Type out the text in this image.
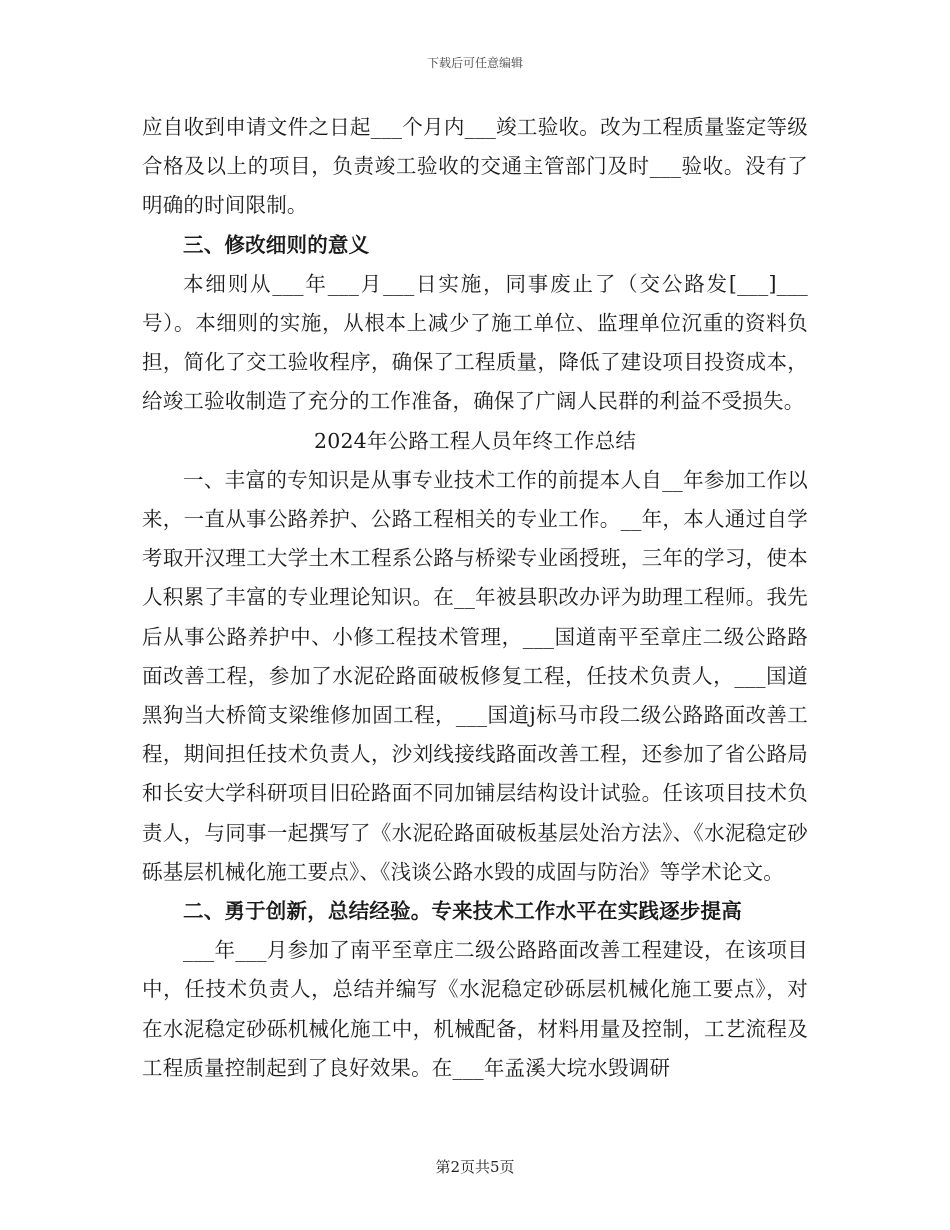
下载后可任意编辑

应自收到申请文件之日起___个月内___竣工验收。改为工程质量鉴定等级合格及以上的项目，负责竣工验收的交通主管部门及时___验收。没有了明确的时间限制。

三、修改细则的意义

本细则从___年___月___日实施，同事废止了（交公路发[___]___号）。本细则的实施，从根本上减少了施工单位、监理单位沉重的资料负担，简化了交工验收程序，确保了工程质量，降低了建设项目投资成本，给竣工验收制造了充分的工作准备，确保了广阔人民群的利益不受损失。

2024年公路工程人员年终工作总结

一、丰富的专知识是从事专业技术工作的前提本人自__年参加工作以来，一直从事公路养护、公路工程相关的专业工作。__年，本人通过自学考取开汉理工大学土木工程系公路与桥梁专业函授班，三年的学习，使本人积累了丰富的专业理论知识。在__年被县职改办评为助理工程师。我先后从事公路养护中、小修工程技术管理，___国道南平至章庄二级公路路面改善工程，参加了水泥砼路面破板修复工程，任技术负责人，___国道黑狗当大桥简支梁维修加固工程，___国道j标马市段二级公路路面改善工程，期间担任技术负责人，沙刘线接线路面改善工程，还参加了省公路局和长安大学科研项目旧砼路面不同加铺层结构设计试验。任该项目技术负责人，与同事一起撰写了《水泥砼路面破板基层处治方法》、《水泥稳定砂砾基层机械化施工要点》、《浅谈公路水毁的成固与防治》等学术论文。

二、勇于创新，总结经验。专来技术工作水平在实践逐步提高

___年___月参加了南平至章庄二级公路路面改善工程建设，在该项目中，任技术负责人，总结并编写《水泥稳定砂砾层机械化施工要点》，对在水泥稳定砂砾机械化施工中，机械配备，材料用量及控制，工艺流程及工程质量控制起到了良好效果。在___年孟溪大垸水毁调研

第2页共5页
